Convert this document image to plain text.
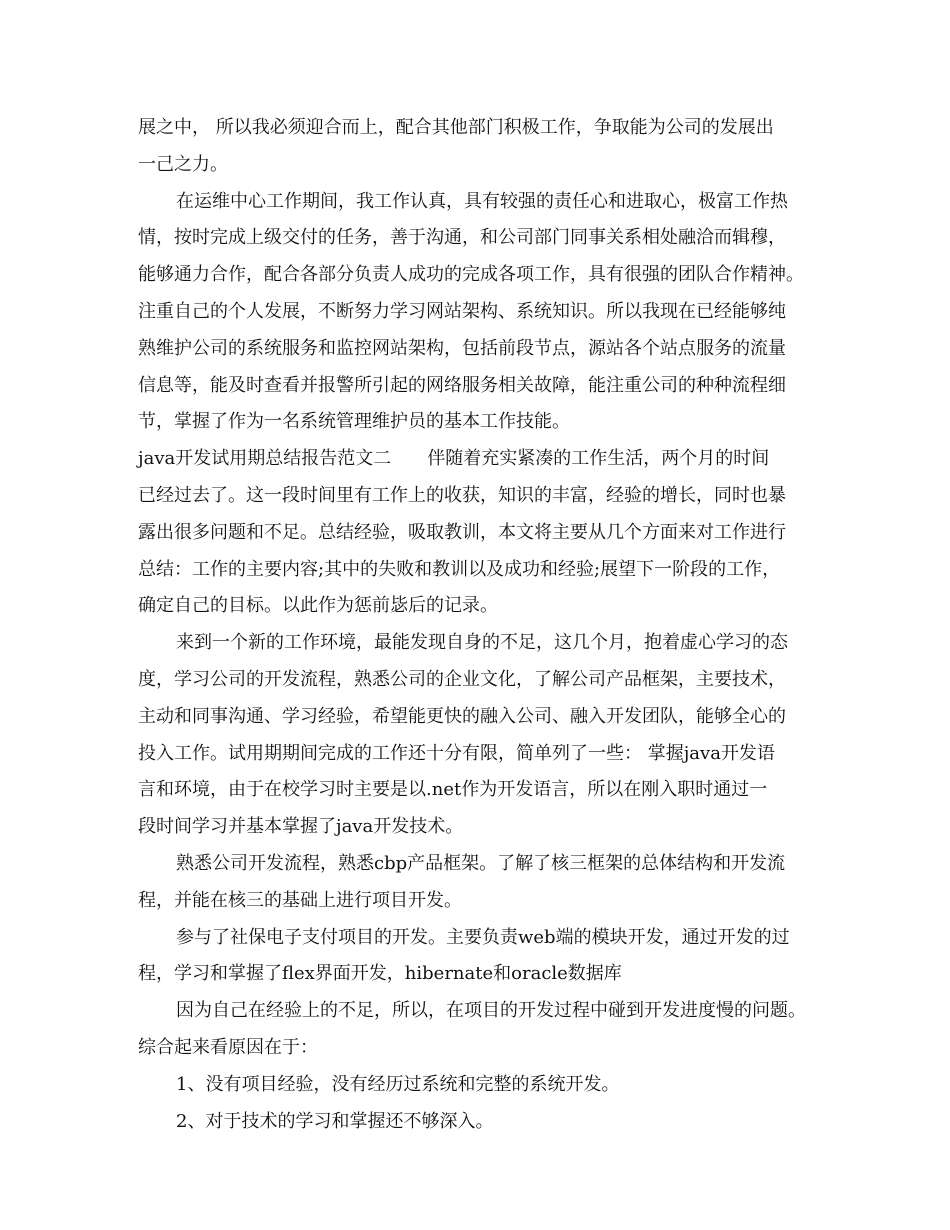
展之中， 所以我必须迎合而上，配合其他部门积极工作，争取能为公司的发展出

一己之力。

在运维中心工作期间，我工作认真，具有较强的责任心和进取心，极富工作热

情，按时完成上级交付的任务，善于沟通，和公司部门同事关系相处融洽而辑穆，

能够通力合作，配合各部分负责人成功的完成各项工作，具有很强的团队合作精神。

注重自己的个人发展，不断努力学习网站架构、系统知识。所以我现在已经能够纯

熟维护公司的系统服务和监控网站架构，包括前段节点，源站各个站点服务的流量

信息等，能及时查看并报警所引起的网络服务相关故障，能注重公司的种种流程细

节，掌握了作为一名系统管理维护员的基本工作技能。

java开发试用期总结报告范文二　　伴随着充实紧凑的工作生活，两个月的时间

已经过去了。这一段时间里有工作上的收获，知识的丰富，经验的增长，同时也暴

露出很多问题和不足。总结经验，吸取教训，本文将主要从几个方面来对工作进行

总结：工作的主要内容;其中的失败和教训以及成功和经验;展望下一阶段的工作，

确定自己的目标。以此作为惩前毖后的记录。

来到一个新的工作环境，最能发现自身的不足，这几个月，抱着虚心学习的态

度，学习公司的开发流程，熟悉公司的企业文化，了解公司产品框架，主要技术，

主动和同事沟通、学习经验，希望能更快的融入公司、融入开发团队，能够全心的

投入工作。试用期期间完成的工作还十分有限，简单列了一些： 掌握java开发语

言和环境，由于在校学习时主要是以.net作为开发语言，所以在刚入职时通过一

段时间学习并基本掌握了java开发技术。

熟悉公司开发流程，熟悉cbp产品框架。了解了核三框架的总体结构和开发流

程，并能在核三的基础上进行项目开发。

参与了社保电子支付项目的开发。主要负责web端的模块开发，通过开发的过

程，学习和掌握了flex界面开发，hibernate和oracle数据库

因为自己在经验上的不足，所以，在项目的开发过程中碰到开发进度慢的问题。

综合起来看原因在于：

1、没有项目经验，没有经历过系统和完整的系统开发。

2、对于技术的学习和掌握还不够深入。
